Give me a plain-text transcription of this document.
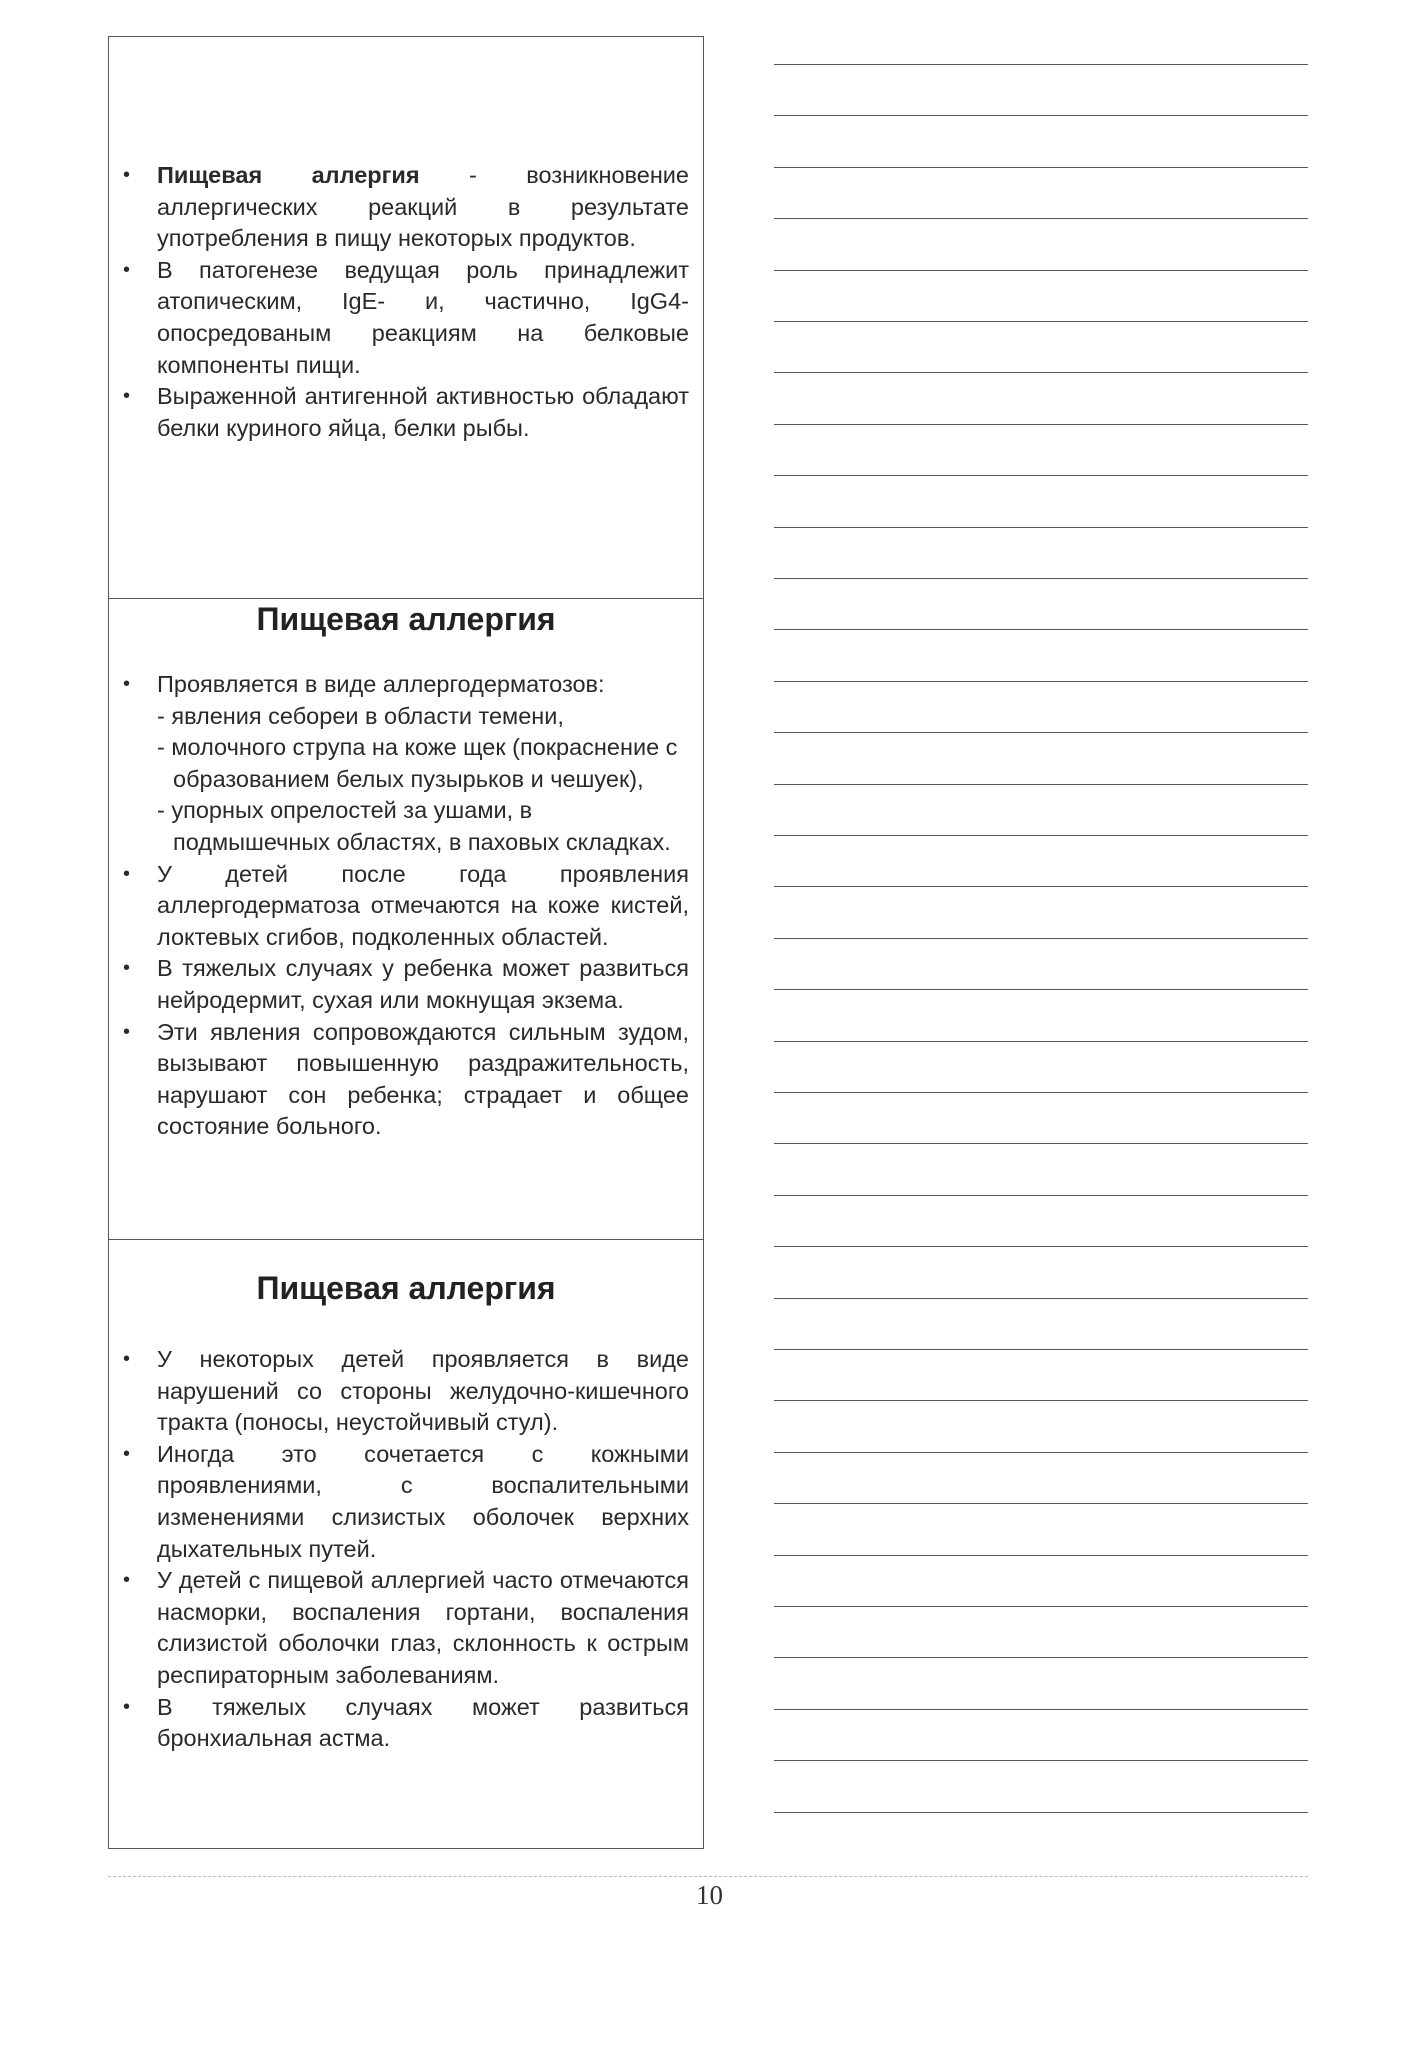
• Пищевая аллергия - возникновение аллергических реакций в результате употребления в пищу некоторых продуктов.
• В патогенезе ведущая роль принадлежит атопическим, IgE- и, частично, IgG4-опосредованым реакциям на белковые компоненты пищи.
• Выраженной антигенной активностью обладают белки куриного яйца, белки рыбы.
Пищевая аллергия
• Проявляется в виде аллергодерматозов:
- явления себореи в области темени,
- молочного струпа на коже щек (покраснение с образованием белых пузырьков и чешуек),
- упорных опрелостей за ушами, в подмышечных областях, в паховых складках.
• У детей после года проявления аллергодерматоза отмечаются на коже кистей, локтевых сгибов, подколенных областей.
• В тяжелых случаях у ребенка может развиться нейродермит, сухая или мокнущая экзема.
• Эти явления сопровождаются сильным зудом, вызывают повышенную раздражительность, нарушают сон ребенка; страдает и общее состояние больного.
Пищевая аллергия
• У некоторых детей проявляется в виде нарушений со стороны желудочно-кишечного тракта (поносы, неустойчивый стул).
• Иногда это сочетается с кожными проявлениями, с воспалительными изменениями слизистых оболочек верхних дыхательных путей.
• У детей с пищевой аллергией часто отмечаются насморки, воспаления гортани, воспаления слизистой оболочки глаз, склонность к острым респираторным заболеваниям.
• В тяжелых случаях может развиться бронхиальная астма.
10
